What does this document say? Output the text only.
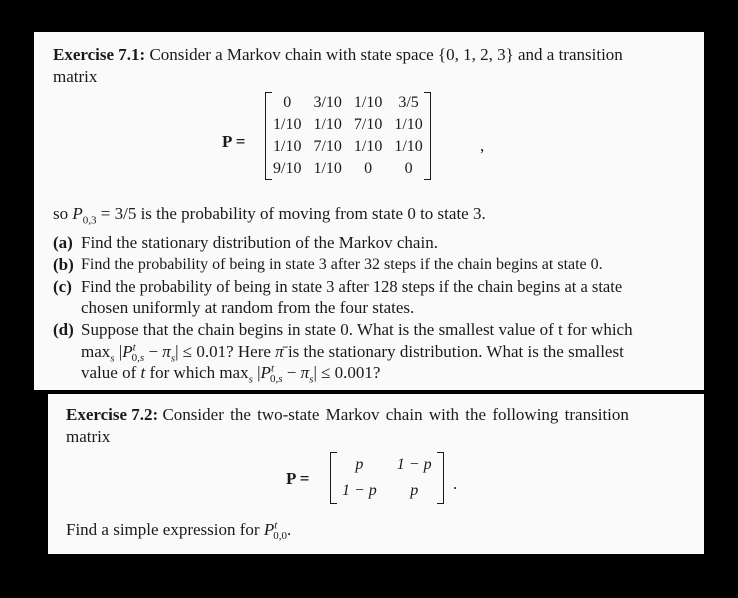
Exercise 7.1: Consider a Markov chain with state space {0, 1, 2, 3} and a transition
matrix
P =
0	3/10	1/10	3/5
1/10	1/10	7/10	1/10
1/10	7/10	1/10	1/10
9/10	1/10	0	0
,
so $P_{0,3} = 3/5$ is the probability of moving from state 0 to state 3.
(a) Find the stationary distribution of the Markov chain.
(b) Find the probability of being in state 3 after 32 steps if the chain begins at state 0.
(c) Find the probability of being in state 3 after 128 steps if the chain begins at a state
chosen uniformly at random from the four states.
(d) Suppose that the chain begins in state 0. What is the smallest value of t for which
$\max_s |P^t_{0,s} - \pi_s| \le 0.01$? Here π̄ is the stationary distribution. What is the smallest
value of t for which $\max_s |P^t_{0,s} - \pi_s| \le 0.001$?
Exercise 7.2: Consider the two-state Markov chain with the following transition
matrix
P =
p	1 − p
1 − p	p .
Find a simple expression for $P^t_{0,0}$.
